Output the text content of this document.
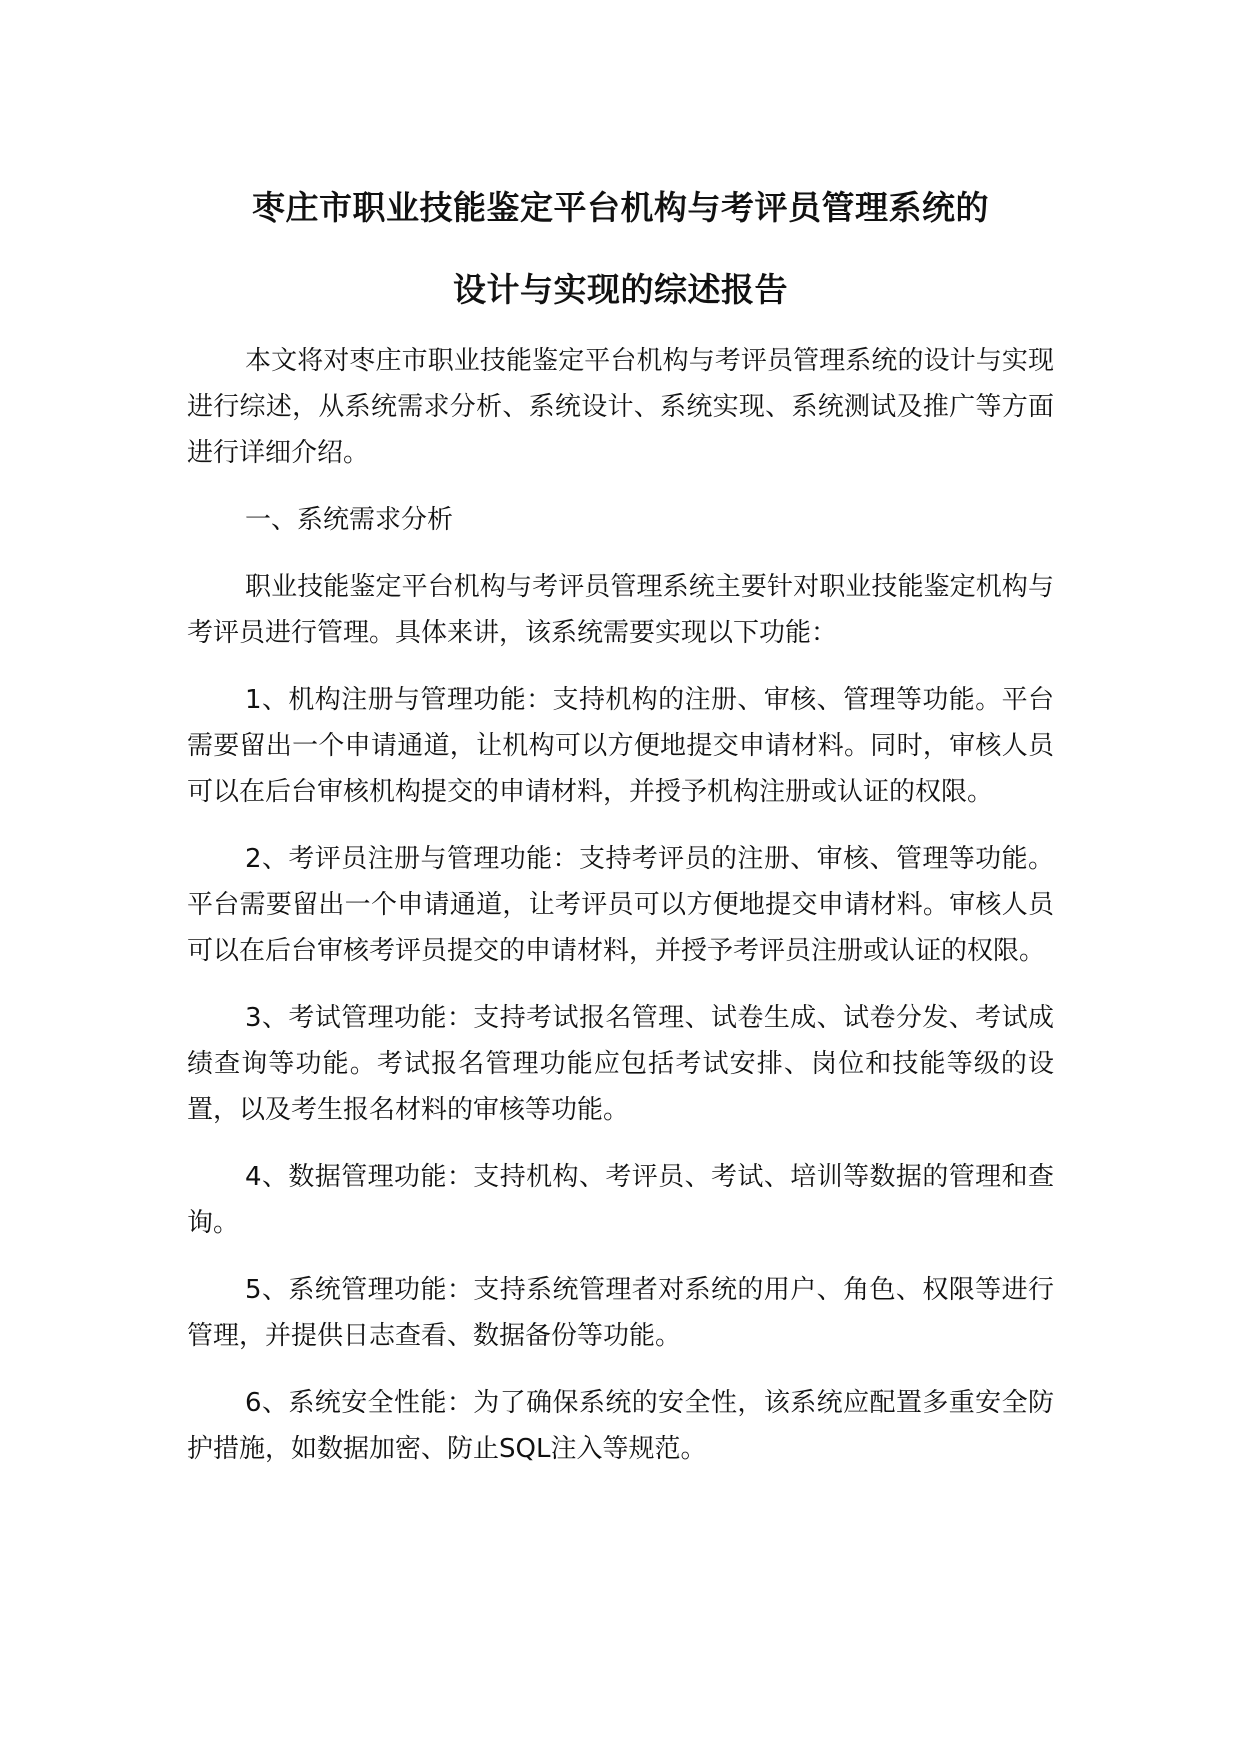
枣庄市职业技能鉴定平台机构与考评员管理系统的
设计与实现的综述报告

本文将对枣庄市职业技能鉴定平台机构与考评员管理系统的设计与实现进行综述，从系统需求分析、系统设计、系统实现、系统测试及推广等方面进行详细介绍。

一、系统需求分析

职业技能鉴定平台机构与考评员管理系统主要针对职业技能鉴定机构与考评员进行管理。具体来讲，该系统需要实现以下功能：

1、机构注册与管理功能：支持机构的注册、审核、管理等功能。平台需要留出一个申请通道，让机构可以方便地提交申请材料。同时，审核人员可以在后台审核机构提交的申请材料，并授予机构注册或认证的权限。

2、考评员注册与管理功能：支持考评员的注册、审核、管理等功能。平台需要留出一个申请通道，让考评员可以方便地提交申请材料。审核人员可以在后台审核考评员提交的申请材料，并授予考评员注册或认证的权限。

3、考试管理功能：支持考试报名管理、试卷生成、试卷分发、考试成绩查询等功能。考试报名管理功能应包括考试安排、岗位和技能等级的设置，以及考生报名材料的审核等功能。

4、数据管理功能：支持机构、考评员、考试、培训等数据的管理和查询。

5、系统管理功能：支持系统管理者对系统的用户、角色、权限等进行管理，并提供日志查看、数据备份等功能。

6、系统安全性能：为了确保系统的安全性，该系统应配置多重安全防护措施，如数据加密、防止SQL注入等规范。
